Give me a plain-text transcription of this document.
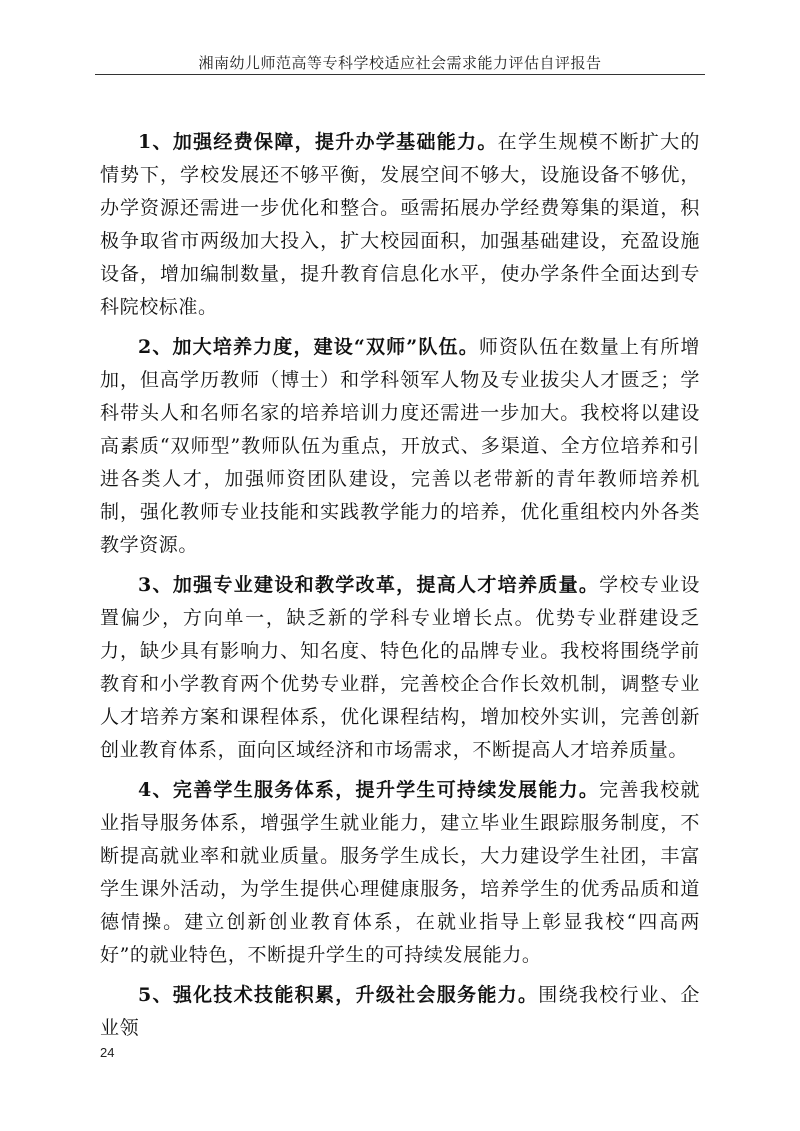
湘南幼儿师范高等专科学校适应社会需求能力评估自评报告

1、加强经费保障，提升办学基础能力。在学生规模不断扩大的情势下，学校发展还不够平衡，发展空间不够大，设施设备不够优，办学资源还需进一步优化和整合。亟需拓展办学经费筹集的渠道，积极争取省市两级加大投入，扩大校园面积，加强基础建设，充盈设施设备，增加编制数量，提升教育信息化水平，使办学条件全面达到专科院校标准。

2、加大培养力度，建设“双师”队伍。师资队伍在数量上有所增加，但高学历教师（博士）和学科领军人物及专业拔尖人才匮乏；学科带头人和名师名家的培养培训力度还需进一步加大。我校将以建设高素质“双师型”教师队伍为重点，开放式、多渠道、全方位培养和引进各类人才，加强师资团队建设，完善以老带新的青年教师培养机制，强化教师专业技能和实践教学能力的培养，优化重组校内外各类教学资源。

3、加强专业建设和教学改革，提高人才培养质量。学校专业设置偏少，方向单一，缺乏新的学科专业增长点。优势专业群建设乏力，缺少具有影响力、知名度、特色化的品牌专业。我校将围绕学前教育和小学教育两个优势专业群，完善校企合作长效机制，调整专业人才培养方案和课程体系，优化课程结构，增加校外实训，完善创新创业教育体系，面向区域经济和市场需求，不断提高人才培养质量。

4、完善学生服务体系，提升学生可持续发展能力。完善我校就业指导服务体系，增强学生就业能力，建立毕业生跟踪服务制度，不断提高就业率和就业质量。服务学生成长，大力建设学生社团，丰富学生课外活动，为学生提供心理健康服务，培养学生的优秀品质和道德情操。建立创新创业教育体系，在就业指导上彰显我校“四高两好”的就业特色，不断提升学生的可持续发展能力。

5、强化技术技能积累，升级社会服务能力。围绕我校行业、企业领

24
